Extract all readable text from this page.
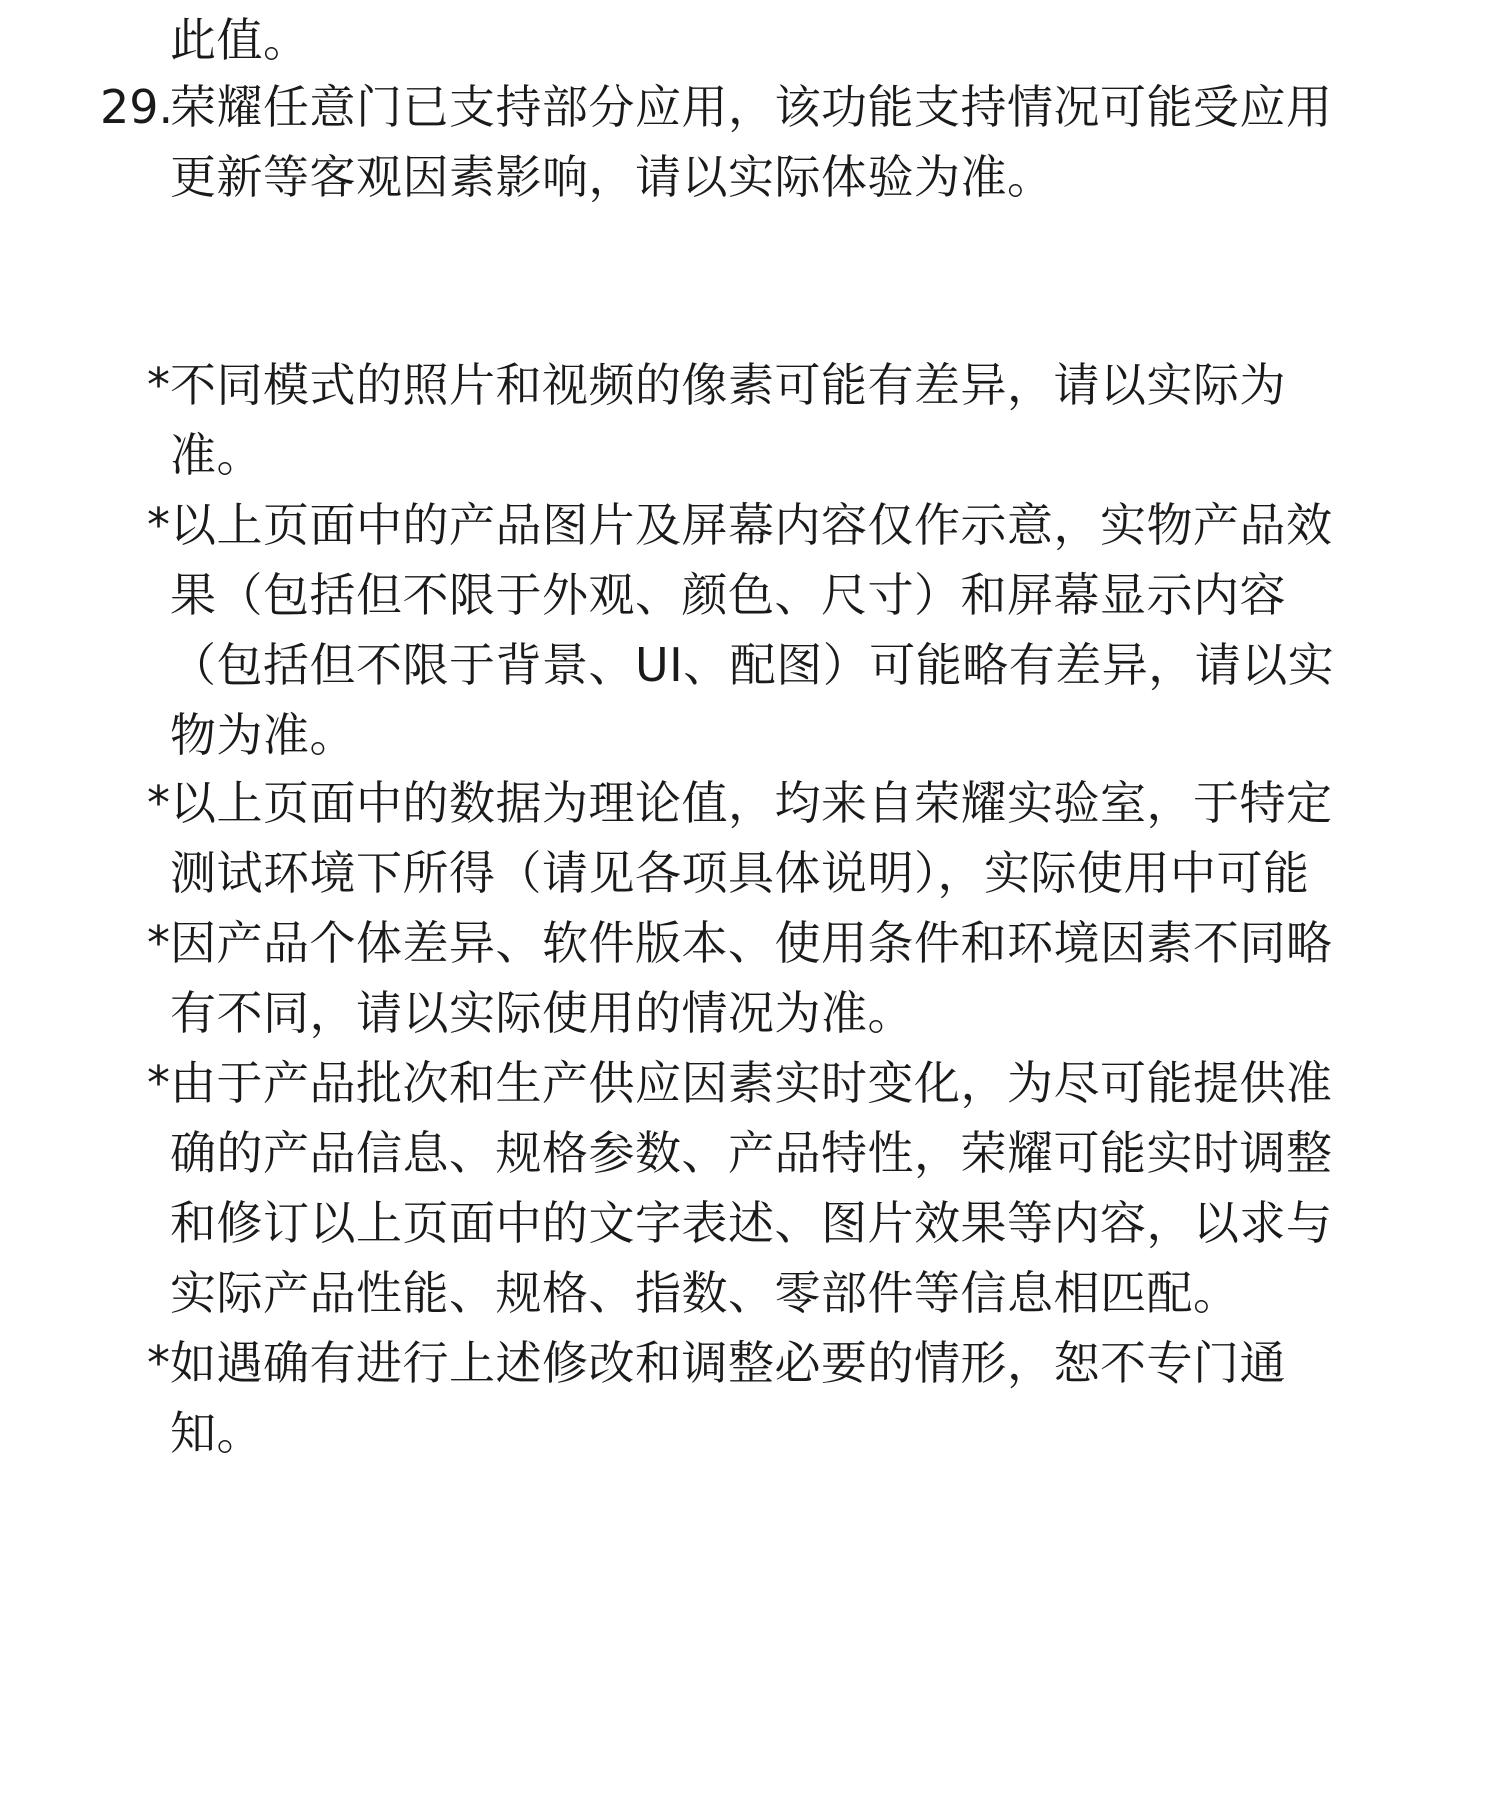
此值。
29.
荣耀任意门已支持部分应用，该功能支持情况可能受应用
更新等客观因素影响，请以实际体验为准。
* 不同模式的照片和视频的像素可能有差异，请以实际为
准。
* 以上页面中的产品图片及屏幕内容仅作示意，实物产品效
果（包括但不限于外观、颜色、尺寸）和屏幕显示内容
（包括但不限于背景、UI、配图）可能略有差异，请以实
物为准。
* 以上页面中的数据为理论值，均来自荣耀实验室，于特定
测试环境下所得（请见各项具体说明），实际使用中可能
* 因产品个体差异、软件版本、使用条件和环境因素不同略
有不同，请以实际使用的情况为准。
* 由于产品批次和生产供应因素实时变化，为尽可能提供准
确的产品信息、规格参数、产品特性，荣耀可能实时调整
和修订以上页面中的文字表述、图片效果等内容，以求与
实际产品性能、规格、指数、零部件等信息相匹配。
* 如遇确有进行上述修改和调整必要的情形，恕不专门通
知。
